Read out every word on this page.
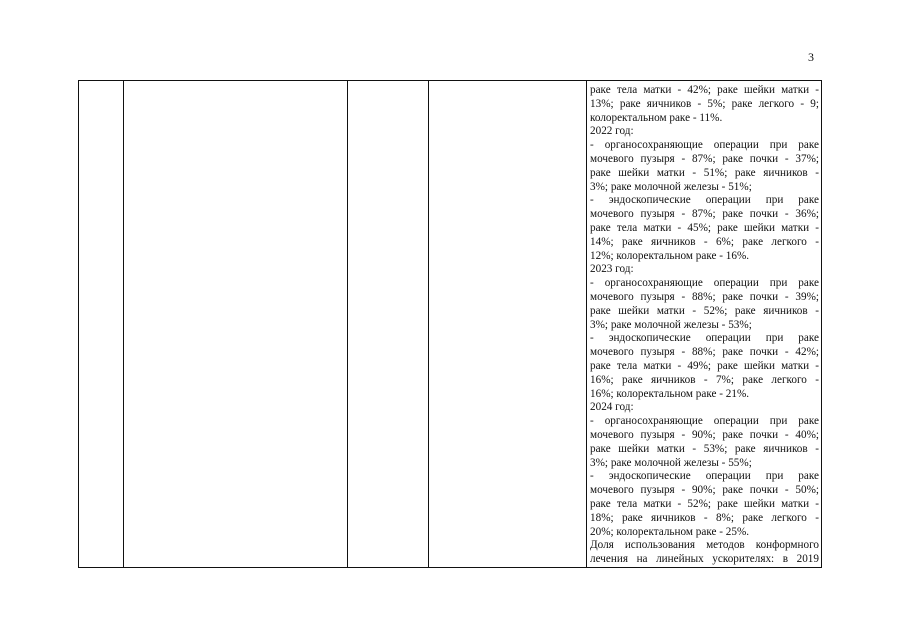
3
раке тела матки - 42%; раке шейки матки -
13%; раке яичников - 5%; раке легкого - 9;
колоректальном раке - 11%.
2022 год:
- органосохраняющие операции при раке
мочевого пузыря - 87%; раке почки - 37%;
раке шейки матки - 51%; раке яичников -
3%; раке молочной железы - 51%;
- эндоскопические операции при раке
мочевого пузыря - 87%; раке почки - 36%;
раке тела матки - 45%; раке шейки матки -
14%; раке яичников - 6%; раке легкого -
12%; колоректальном раке - 16%.
2023 год:
- органосохраняющие операции при раке
мочевого пузыря - 88%; раке почки - 39%;
раке шейки матки - 52%; раке яичников -
3%; раке молочной железы - 53%;
- эндоскопические операции при раке
мочевого пузыря - 88%; раке почки - 42%;
раке тела матки - 49%; раке шейки матки -
16%; раке яичников - 7%; раке легкого -
16%; колоректальном раке - 21%.
2024 год:
- органосохраняющие операции при раке
мочевого пузыря - 90%; раке почки - 40%;
раке шейки матки - 53%; раке яичников -
3%; раке молочной железы - 55%;
- эндоскопические операции при раке
мочевого пузыря - 90%; раке почки - 50%;
раке тела матки - 52%; раке шейки матки -
18%; раке яичников - 8%; раке легкого -
20%; колоректальном раке - 25%.
Доля использования методов конформного
лечения на линейных ускорителях: в 2019
